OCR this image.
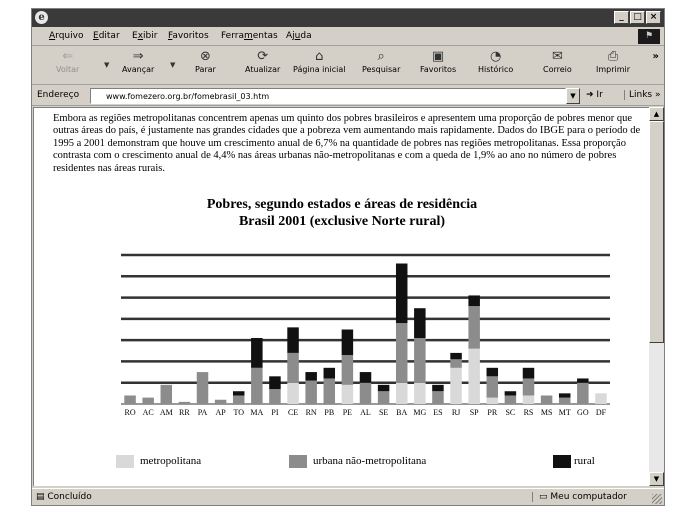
e	_	□ ×
Arquivo Editar Exibir Favoritos Ferramentas Ajuda	⚑
⇐
Voltar	▼
⇒
Avançar ▼
⊗
Parar
⟳
Atualizar
⌂
Página inicial
⌕
Pesquisar
▣
Favoritos
◔
Histórico
✉
Correio
⎙
Imprimir
»
Endereço	www.fomezero.org.br/fomebrasil_03.htm	▼	➜ Ir	Links »

Embora as regiões metropolitanas concentrem apenas um quinto dos pobres brasileiros e apresentem uma proporção de pobres menor que outras áreas do país, é justamente nas grandes cidades que a pobreza vem aumentando mais rapidamente. Dados do IBGE para o período de 1995 a 2001 demonstram que houve um crescimento anual de 6,7% na quantidade de pobres nas regiões metropolitanas. Essa proporção contrasta com o crescimento anual de 4,4% nas áreas urbanas não-metropolitanas e com a queda de 1,9% ao ano no número de pobres residentes nas áreas rurais.

Pobres, segundo estados e áreas de residência
Brasil 2001 (exclusive Norte rural)
RO AC AM RR PA AP TO MA PI CE RN PB PE AL SE BA MG ES RJ SP PR SC RS MS MT GO DF
metropolitana	urbana não-metropolitana	rural
▲
▼
▤ Concluído	▭ Meu computador
